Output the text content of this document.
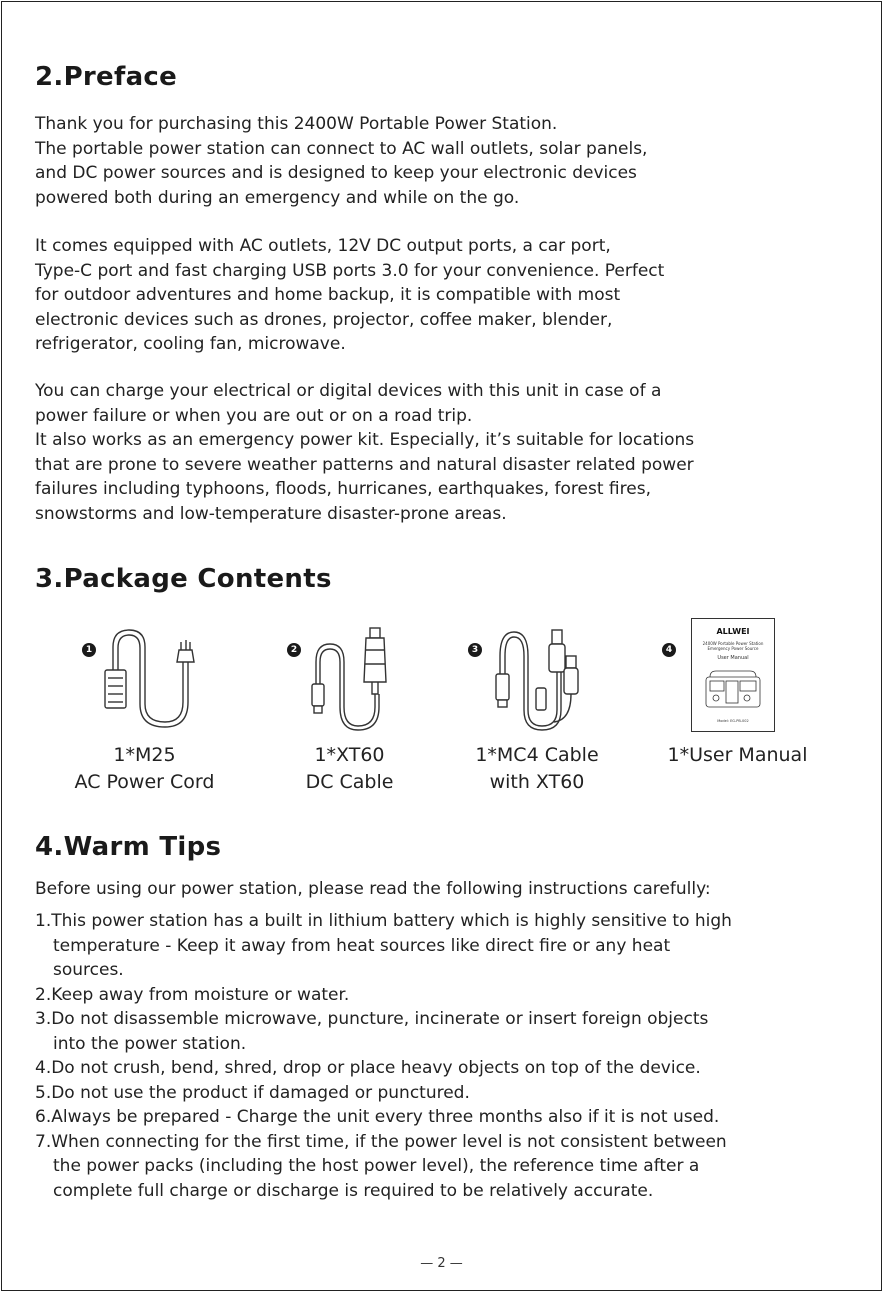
2.Preface
Thank you for purchasing this 2400W Portable Power Station.
The portable power station can connect to AC wall outlets, solar panels,
and DC power sources and is designed to keep your electronic devices
powered both during an emergency and while on the go.
It comes equipped with AC outlets, 12V DC output ports, a car port,
Type-C port and fast charging USB ports 3.0 for your convenience. Perfect
for outdoor adventures and home backup, it is compatible with most
electronic devices such as drones, projector, coffee maker, blender,
refrigerator, cooling fan, microwave.
You can charge your electrical or digital devices with this unit in case of a
power failure or when you are out or on a road trip.
It also works as an emergency power kit. Especially, it’s suitable for locations
that are prone to severe weather patterns and natural disaster related power
failures including typhoons, floods, hurricanes, earthquakes, forest fires,
snowstorms and low-temperature disaster-prone areas.
3.Package Contents
1	2	3	4
ALLWEI
2400W Portable Power Station
Emergency Power Source
User Manual
Model: EG-PB-002
1*M25
AC Power Cord
1*XT60
DC Cable
1*MC4 Cable
with XT60
1*User Manual
4.Warm Tips
Before using our power station, please read the following instructions carefully:
1.This power station has a built in lithium battery which is highly sensitive to high
temperature - Keep it away from heat sources like direct fire or any heat
sources.
2.Keep away from moisture or water.
3.Do not disassemble microwave, puncture, incinerate or insert foreign objects
into the power station.
4.Do not crush, bend, shred, drop or place heavy objects on top of the device.
5.Do not use the product if damaged or punctured.
6.Always be prepared - Charge the unit every three months also if it is not used.
7.When connecting for the first time, if the power level is not consistent between
the power packs (including the host power level), the reference time after a
complete full charge or discharge is required to be relatively accurate.
— 2 —
